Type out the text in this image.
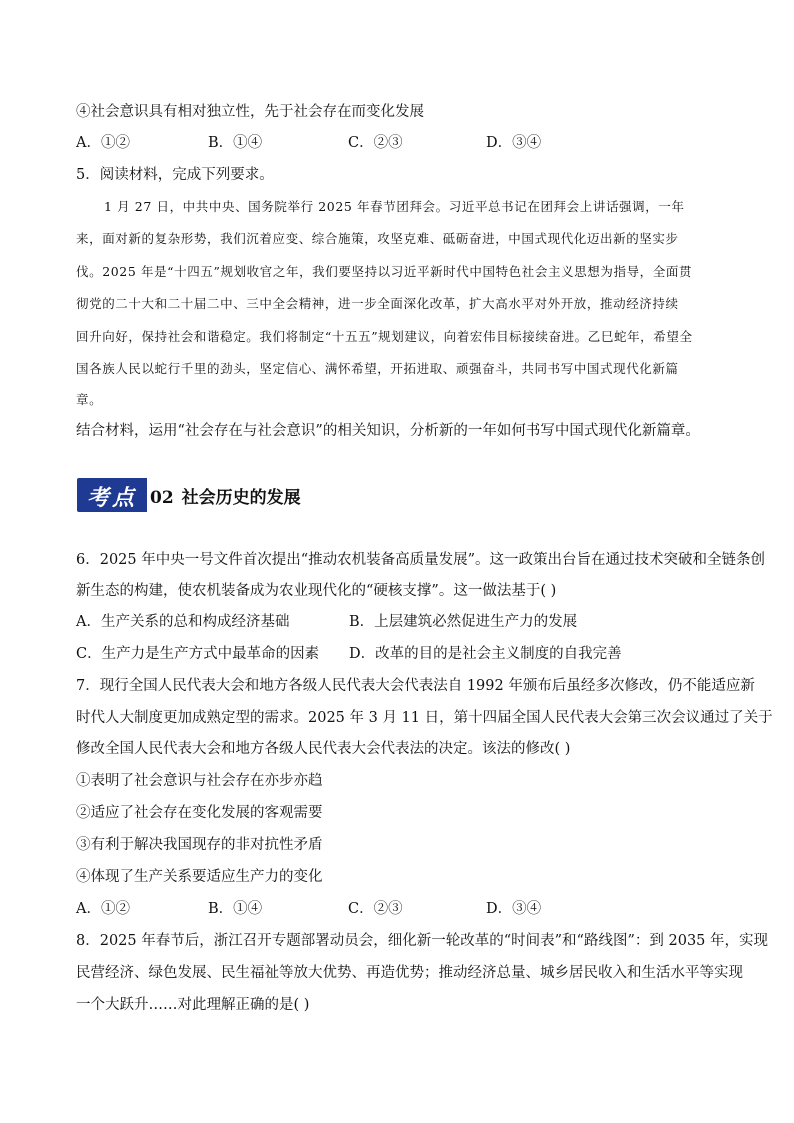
④社会意识具有相对独立性，先于社会存在而变化发展
A．①②	B．①④	C．②③	D．③④
5．阅读材料，完成下列要求。
1 月 27 日，中共中央、国务院举行 2025 年春节团拜会。习近平总书记在团拜会上讲话强调，一年
来，面对新的复杂形势，我们沉着应变、综合施策，攻坚克难、砥砺奋进，中国式现代化迈出新的坚实步
伐。2025 年是“十四五”规划收官之年，我们要坚持以习近平新时代中国特色社会主义思想为指导，全面贯
彻党的二十大和二十届二中、三中全会精神，进一步全面深化改革，扩大高水平对外开放，推动经济持续
回升向好，保持社会和谐稳定。我们将制定“十五五”规划建议，向着宏伟目标接续奋进。乙巳蛇年，希望全
国各族人民以蛇行千里的劲头，坚定信心、满怀希望，开拓进取、顽强奋斗，共同书写中国式现代化新篇
章。
结合材料，运用“社会存在与社会意识”的相关知识，分析新的一年如何书写中国式现代化新篇章。
考点 02 社会历史的发展
6．2025 年中央一号文件首次提出“推动农机装备高质量发展”。这一政策出台旨在通过技术突破和全链条创
新生态的构建，使农机装备成为农业现代化的“硬核支撑”。这一做法基于( )
A．生产关系的总和构成经济基础	B．上层建筑必然促进生产力的发展
C．生产力是生产方式中最革命的因素 D．改革的目的是社会主义制度的自我完善
7．现行全国人民代表大会和地方各级人民代表大会代表法自 1992 年颁布后虽经多次修改，仍不能适应新
时代人大制度更加成熟定型的需求。2025 年 3 月 11 日，第十四届全国人民代表大会第三次会议通过了关于
修改全国人民代表大会和地方各级人民代表大会代表法的决定。该法的修改( )
①表明了社会意识与社会存在亦步亦趋
②适应了社会存在变化发展的客观需要
③有利于解决我国现存的非对抗性矛盾
④体现了生产关系要适应生产力的变化
A．①②	B．①④	C．②③	D．③④
8．2025 年春节后，浙江召开专题部署动员会，细化新一轮改革的“时间表”和“路线图”：到 2035 年，实现
民营经济、绿色发展、民生福祉等放大优势、再造优势；推动经济总量、城乡居民收入和生活水平等实现
一个大跃升……对此理解正确的是( )
